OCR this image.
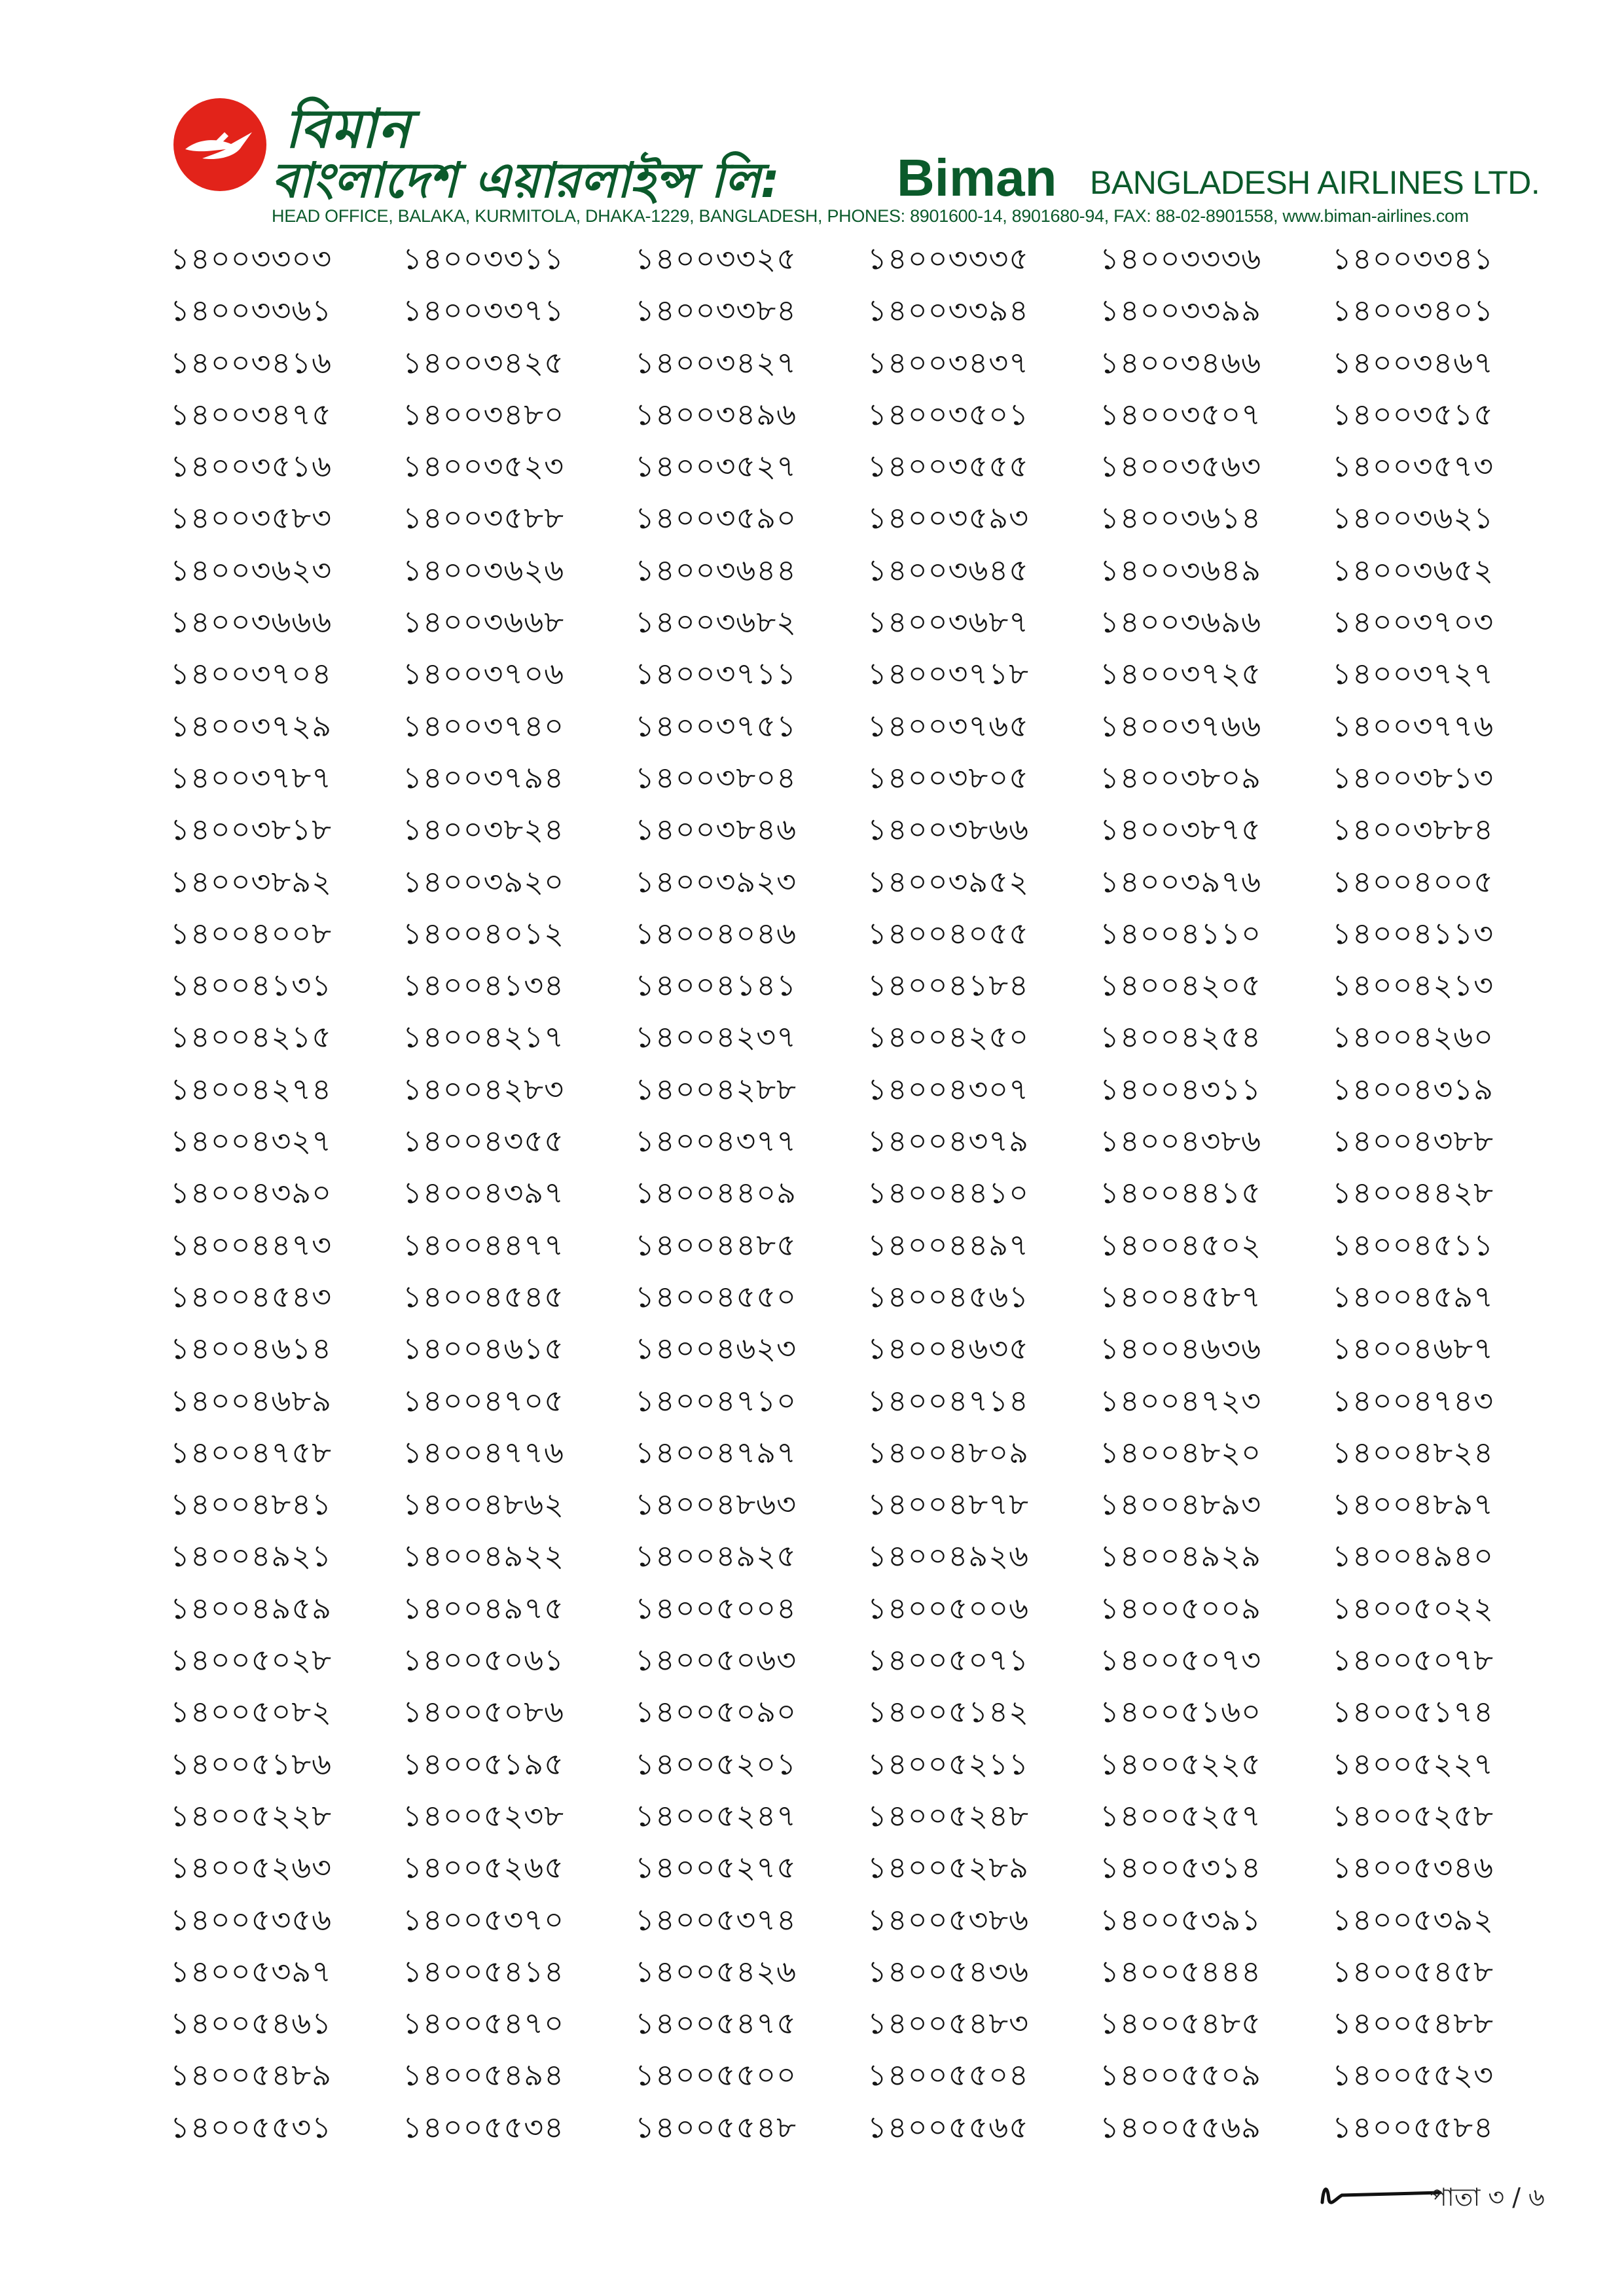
বিমান
বাংলাদেশ এয়ারলাইন্স লি: Biman BANGLADESH AIRLINES LTD.
HEAD OFFICE, BALAKA, KURMITOLA, DHAKA-1229, BANGLADESH, PHONES: 8901600-14, 8901680-94, FAX: 88-02-8901558, www.biman-airlines.com
১৪০০৩৩০৩	১৪০০৩৩১১	১৪০০৩৩২৫	১৪০০৩৩৩৫	১৪০০৩৩৩৬	১৪০০৩৩৪১
১৪০০৩৩৬১	১৪০০৩৩৭১	১৪০০৩৩৮৪	১৪০০৩৩৯৪	১৪০০৩৩৯৯	১৪০০৩৪০১
১৪০০৩৪১৬	১৪০০৩৪২৫	১৪০০৩৪২৭	১৪০০৩৪৩৭	১৪০০৩৪৬৬	১৪০০৩৪৬৭
১৪০০৩৪৭৫	১৪০০৩৪৮০	১৪০০৩৪৯৬	১৪০০৩৫০১	১৪০০৩৫০৭	১৪০০৩৫১৫
১৪০০৩৫১৬	১৪০০৩৫২৩	১৪০০৩৫২৭	১৪০০৩৫৫৫	১৪০০৩৫৬৩	১৪০০৩৫৭৩
১৪০০৩৫৮৩	১৪০০৩৫৮৮	১৪০০৩৫৯০	১৪০০৩৫৯৩	১৪০০৩৬১৪	১৪০০৩৬২১
১৪০০৩৬২৩	১৪০০৩৬২৬	১৪০০৩৬৪৪	১৪০০৩৬৪৫	১৪০০৩৬৪৯	১৪০০৩৬৫২
১৪০০৩৬৬৬	১৪০০৩৬৬৮	১৪০০৩৬৮২	১৪০০৩৬৮৭	১৪০০৩৬৯৬	১৪০০৩৭০৩
১৪০০৩৭০৪	১৪০০৩৭০৬	১৪০০৩৭১১	১৪০০৩৭১৮	১৪০০৩৭২৫	১৪০০৩৭২৭
১৪০০৩৭২৯	১৪০০৩৭৪০	১৪০০৩৭৫১	১৪০০৩৭৬৫	১৪০০৩৭৬৬	১৪০০৩৭৭৬
১৪০০৩৭৮৭	১৪০০৩৭৯৪	১৪০০৩৮০৪	১৪০০৩৮০৫	১৪০০৩৮০৯	১৪০০৩৮১৩
১৪০০৩৮১৮	১৪০০৩৮২৪	১৪০০৩৮৪৬	১৪০০৩৮৬৬	১৪০০৩৮৭৫	১৪০০৩৮৮৪
১৪০০৩৮৯২	১৪০০৩৯২০	১৪০০৩৯২৩	১৪০০৩৯৫২	১৪০০৩৯৭৬	১৪০০৪০০৫
১৪০০৪০০৮	১৪০০৪০১২	১৪০০৪০৪৬	১৪০০৪০৫৫	১৪০০৪১১০	১৪০০৪১১৩
১৪০০৪১৩১	১৪০০৪১৩৪	১৪০০৪১৪১	১৪০০৪১৮৪	১৪০০৪২০৫	১৪০০৪২১৩
১৪০০৪২১৫	১৪০০৪২১৭	১৪০০৪২৩৭	১৪০০৪২৫০	১৪০০৪২৫৪	১৪০০৪২৬০
১৪০০৪২৭৪	১৪০০৪২৮৩	১৪০০৪২৮৮	১৪০০৪৩০৭	১৪০০৪৩১১	১৪০০৪৩১৯
১৪০০৪৩২৭	১৪০০৪৩৫৫	১৪০০৪৩৭৭	১৪০০৪৩৭৯	১৪০০৪৩৮৬	১৪০০৪৩৮৮
১৪০০৪৩৯০	১৪০০৪৩৯৭	১৪০০৪৪০৯	১৪০০৪৪১০	১৪০০৪৪১৫	১৪০০৪৪২৮
১৪০০৪৪৭৩	১৪০০৪৪৭৭	১৪০০৪৪৮৫	১৪০০৪৪৯৭	১৪০০৪৫০২	১৪০০৪৫১১
১৪০০৪৫৪৩	১৪০০৪৫৪৫	১৪০০৪৫৫০	১৪০০৪৫৬১	১৪০০৪৫৮৭	১৪০০৪৫৯৭
১৪০০৪৬১৪	১৪০০৪৬১৫	১৪০০৪৬২৩	১৪০০৪৬৩৫	১৪০০৪৬৩৬	১৪০০৪৬৮৭
১৪০০৪৬৮৯	১৪০০৪৭০৫	১৪০০৪৭১০	১৪০০৪৭১৪	১৪০০৪৭২৩	১৪০০৪৭৪৩
১৪০০৪৭৫৮	১৪০০৪৭৭৬	১৪০০৪৭৯৭	১৪০০৪৮০৯	১৪০০৪৮২০	১৪০০৪৮২৪
১৪০০৪৮৪১	১৪০০৪৮৬২	১৪০০৪৮৬৩	১৪০০৪৮৭৮	১৪০০৪৮৯৩	১৪০০৪৮৯৭
১৪০০৪৯২১	১৪০০৪৯২২	১৪০০৪৯২৫	১৪০০৪৯২৬	১৪০০৪৯২৯	১৪০০৪৯৪০
১৪০০৪৯৫৯	১৪০০৪৯৭৫	১৪০০৫০০৪	১৪০০৫০০৬	১৪০০৫০০৯	১৪০০৫০২২
১৪০০৫০২৮	১৪০০৫০৬১	১৪০০৫০৬৩	১৪০০৫০৭১	১৪০০৫০৭৩	১৪০০৫০৭৮
১৪০০৫০৮২	১৪০০৫০৮৬	১৪০০৫০৯০	১৪০০৫১৪২	১৪০০৫১৬০	১৪০০৫১৭৪
১৪০০৫১৮৬	১৪০০৫১৯৫	১৪০০৫২০১	১৪০০৫২১১	১৪০০৫২২৫	১৪০০৫২২৭
১৪০০৫২২৮	১৪০০৫২৩৮	১৪০০৫২৪৭	১৪০০৫২৪৮	১৪০০৫২৫৭	১৪০০৫২৫৮
১৪০০৫২৬৩	১৪০০৫২৬৫	১৪০০৫২৭৫	১৪০০৫২৮৯	১৪০০৫৩১৪	১৪০০৫৩৪৬
১৪০০৫৩৫৬	১৪০০৫৩৭০	১৪০০৫৩৭৪	১৪০০৫৩৮৬	১৪০০৫৩৯১	১৪০০৫৩৯২
১৪০০৫৩৯৭	১৪০০৫৪১৪	১৪০০৫৪২৬	১৪০০৫৪৩৬	১৪০০৫৪৪৪	১৪০০৫৪৫৮
১৪০০৫৪৬১	১৪০০৫৪৭০	১৪০০৫৪৭৫	১৪০০৫৪৮৩	১৪০০৫৪৮৫	১৪০০৫৪৮৮
১৪০০৫৪৮৯	১৪০০৫৪৯৪	১৪০০৫৫০০	১৪০০৫৫০৪	১৪০০৫৫০৯	১৪০০৫৫২৩
১৪০০৫৫৩১	১৪০০৫৫৩৪	১৪০০৫৫৪৮	১৪০০৫৫৬৫	১৪০০৫৫৬৯	১৪০০৫৫৮৪
পাতা ৩ / ৬
